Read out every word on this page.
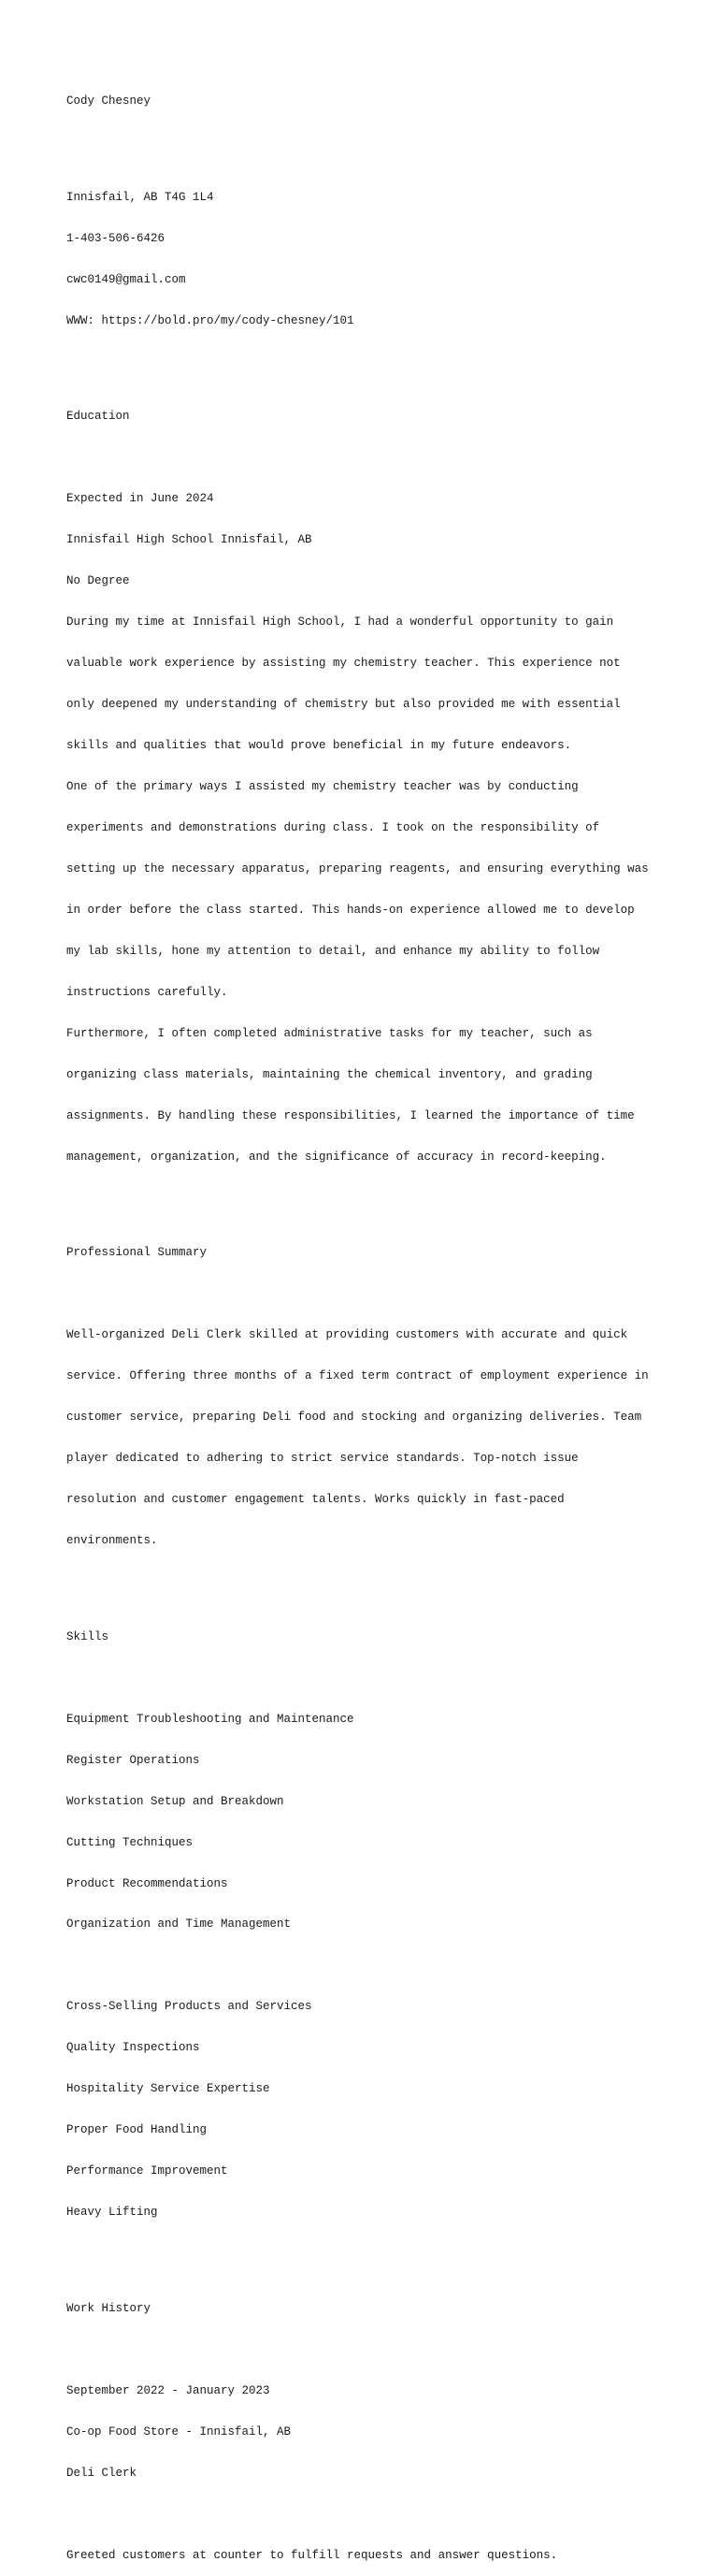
Cody Chesney

Innisfail, AB T4G 1L4

1-403-506-6426

cwc0149@gmail.com

WWW: https://bold.pro/my/cody-chesney/101

Education

Expected in June 2024

Innisfail High School Innisfail, AB

No Degree

During my time at Innisfail High School, I had a wonderful opportunity to gain

valuable work experience by assisting my chemistry teacher. This experience not

only deepened my understanding of chemistry but also provided me with essential

skills and qualities that would prove beneficial in my future endeavors.

One of the primary ways I assisted my chemistry teacher was by conducting

experiments and demonstrations during class. I took on the responsibility of

setting up the necessary apparatus, preparing reagents, and ensuring everything was

in order before the class started. This hands-on experience allowed me to develop

my lab skills, hone my attention to detail, and enhance my ability to follow

instructions carefully.

Furthermore, I often completed administrative tasks for my teacher, such as

organizing class materials, maintaining the chemical inventory, and grading

assignments. By handling these responsibilities, I learned the importance of time

management, organization, and the significance of accuracy in record-keeping.

Professional Summary

Well-organized Deli Clerk skilled at providing customers with accurate and quick

service. Offering three months of a fixed term contract of employment experience in

customer service, preparing Deli food and stocking and organizing deliveries. Team

player dedicated to adhering to strict service standards. Top-notch issue

resolution and customer engagement talents. Works quickly in fast-paced

environments.

Skills

Equipment Troubleshooting and Maintenance

Register Operations

Workstation Setup and Breakdown

Cutting Techniques

Product Recommendations

Organization and Time Management

Cross-Selling Products and Services

Quality Inspections

Hospitality Service Expertise

Proper Food Handling

Performance Improvement

Heavy Lifting

Work History

September 2022 - January 2023

Co-op Food Store - Innisfail, AB

Deli Clerk

Greeted customers at counter to fulfill requests and answer questions.
